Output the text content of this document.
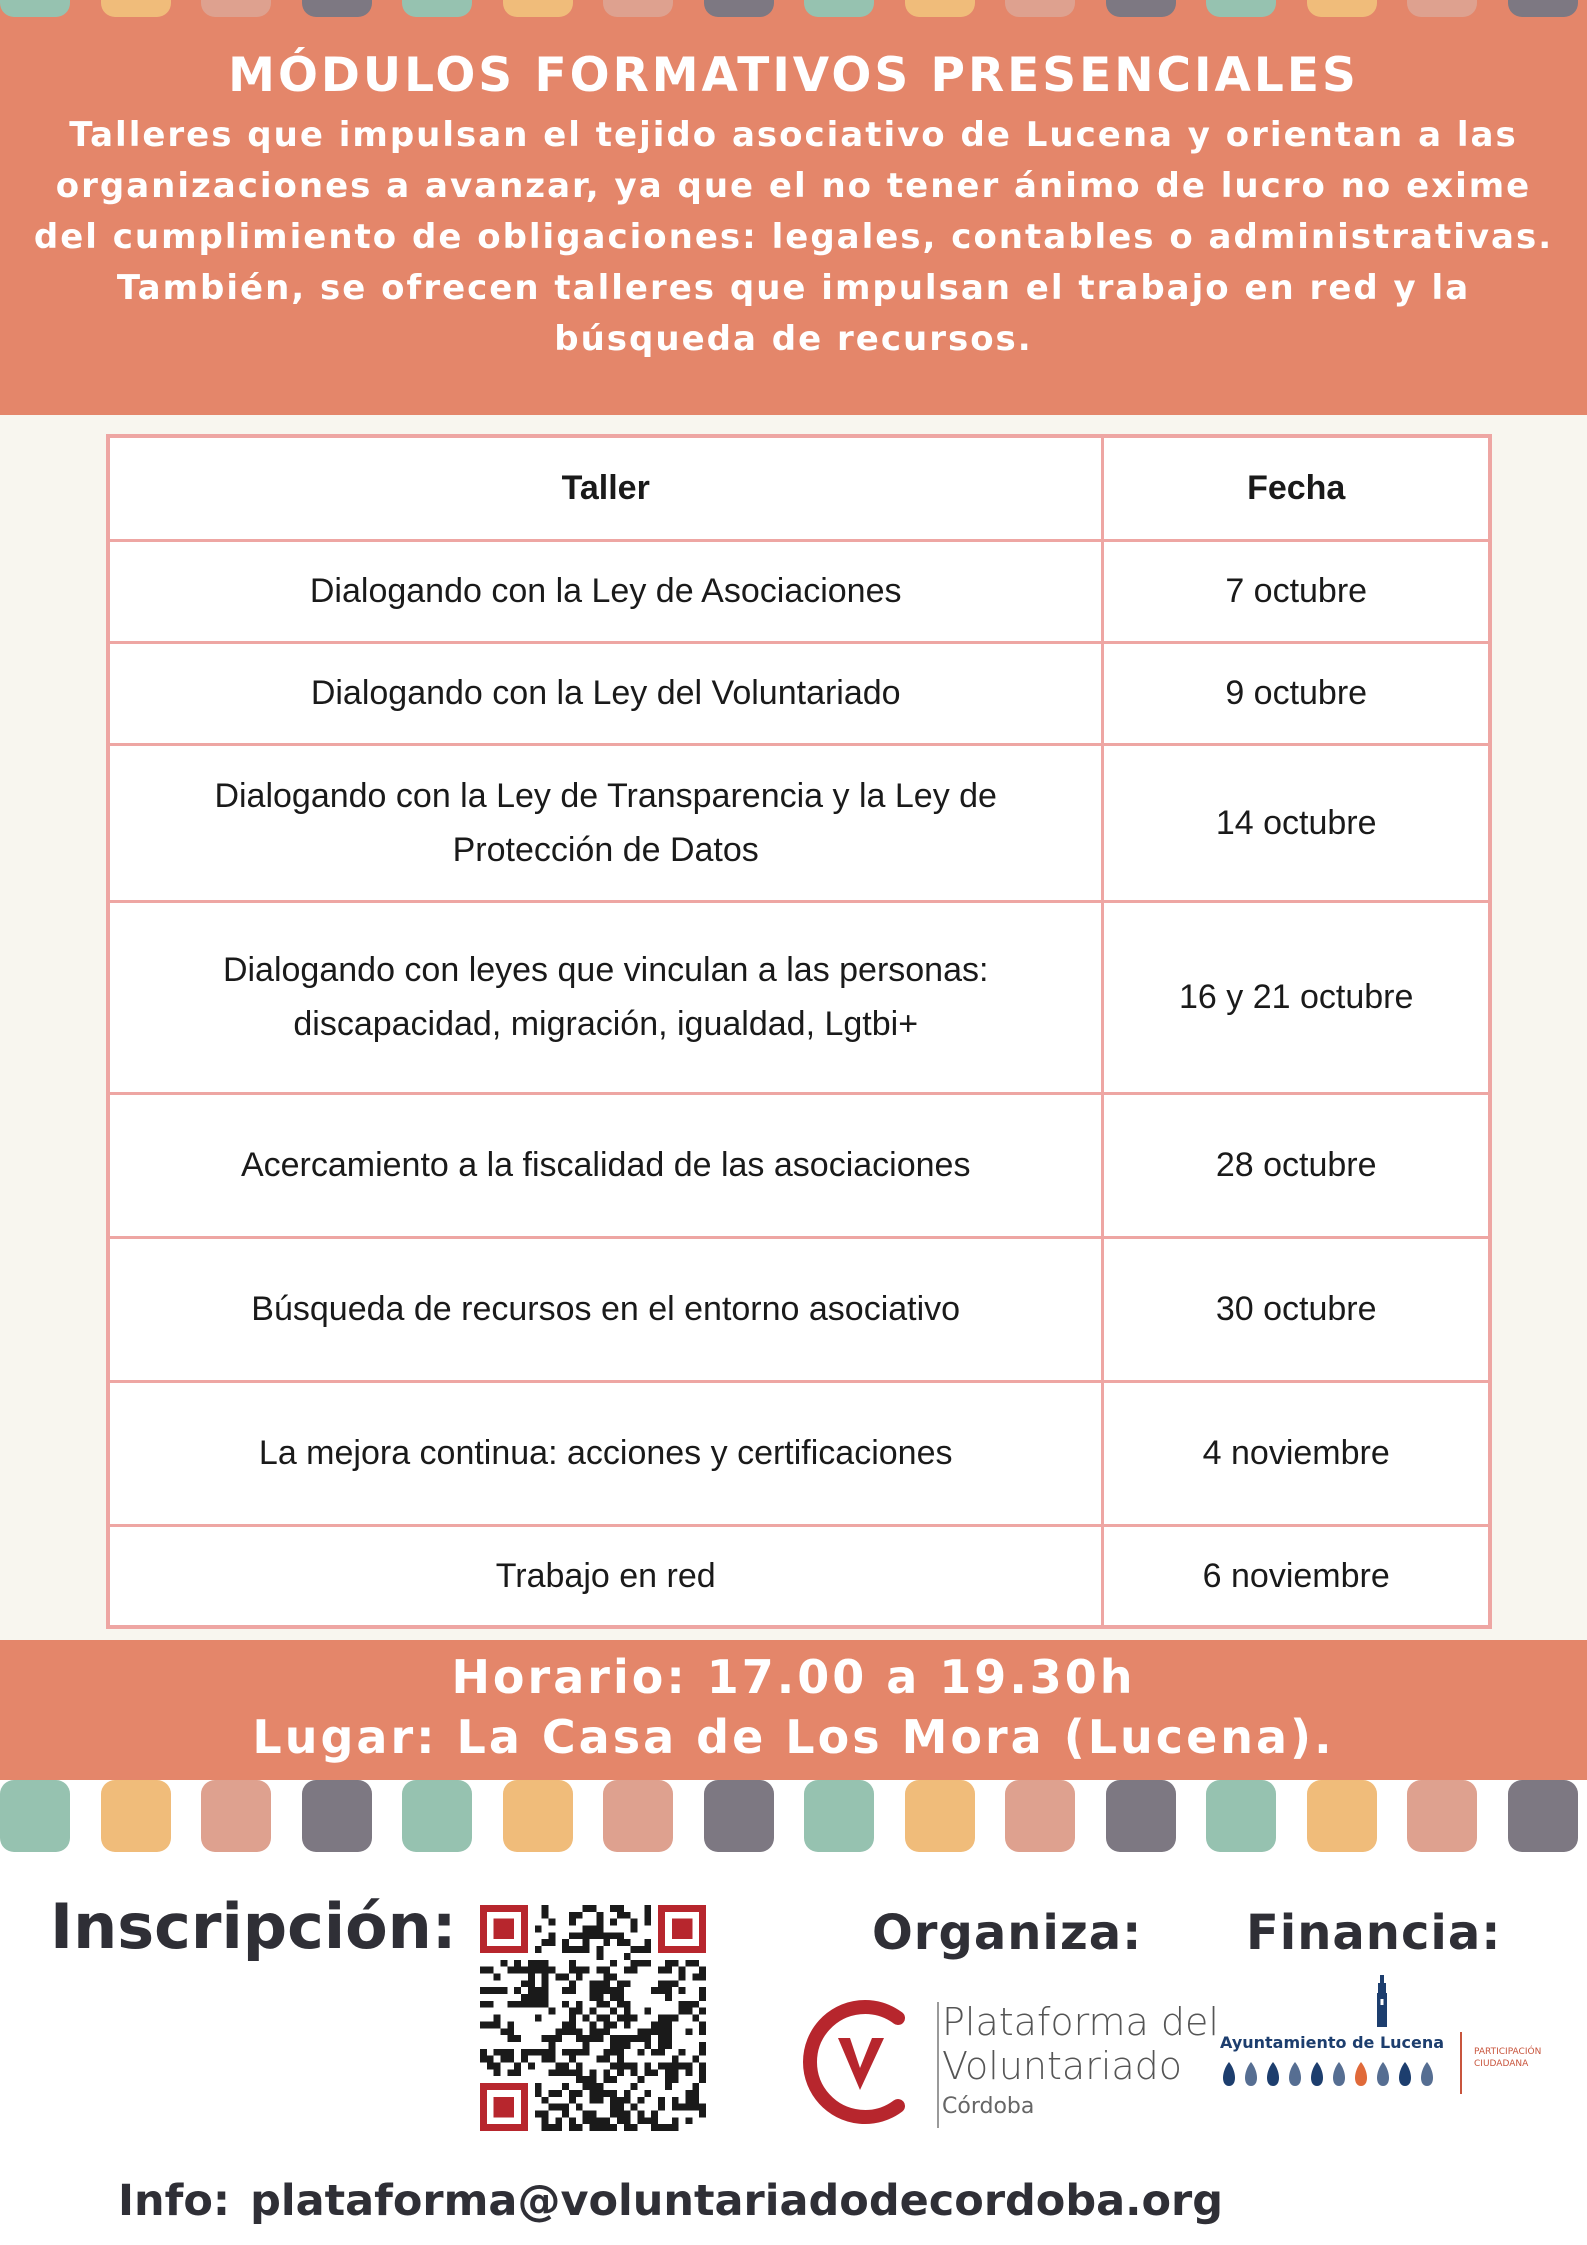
MÓDULOS FORMATIVOS PRESENCIALES

Talleres que impulsan el tejido asociativo de Lucena y orientan a las organizaciones a avanzar, ya que el no tener ánimo de lucro no exime del cumplimiento de obligaciones: legales, contables o administrativas. También, se ofrecen talleres que impulsan el trabajo en red y la búsqueda de recursos.

Taller	Fecha
Dialogando con la Ley de Asociaciones	7 octubre
Dialogando con la Ley del Voluntariado	9 octubre
Dialogando con la Ley de Transparencia y la Ley de Protección de Datos	14 octubre
Dialogando con leyes que vinculan a las personas: discapacidad, migración, igualdad, Lgtbi+	16 y 21 octubre
Acercamiento a la fiscalidad de las asociaciones	28 octubre
Búsqueda de recursos en el entorno asociativo	30 octubre
La mejora continua: acciones y certificaciones	4 noviembre
Trabajo en red	6 noviembre
Horario: 17.00 a 19.30h
Lugar: La Casa de Los Mora (Lucena).
Inscripción:	Organiza: Financia:
Plataforma del
Voluntariado
Córdoba
Ayuntamiento de Lucena	PARTICIPACIÓN CIUDADANA
Info: plataforma@voluntariadodecordoba.org
